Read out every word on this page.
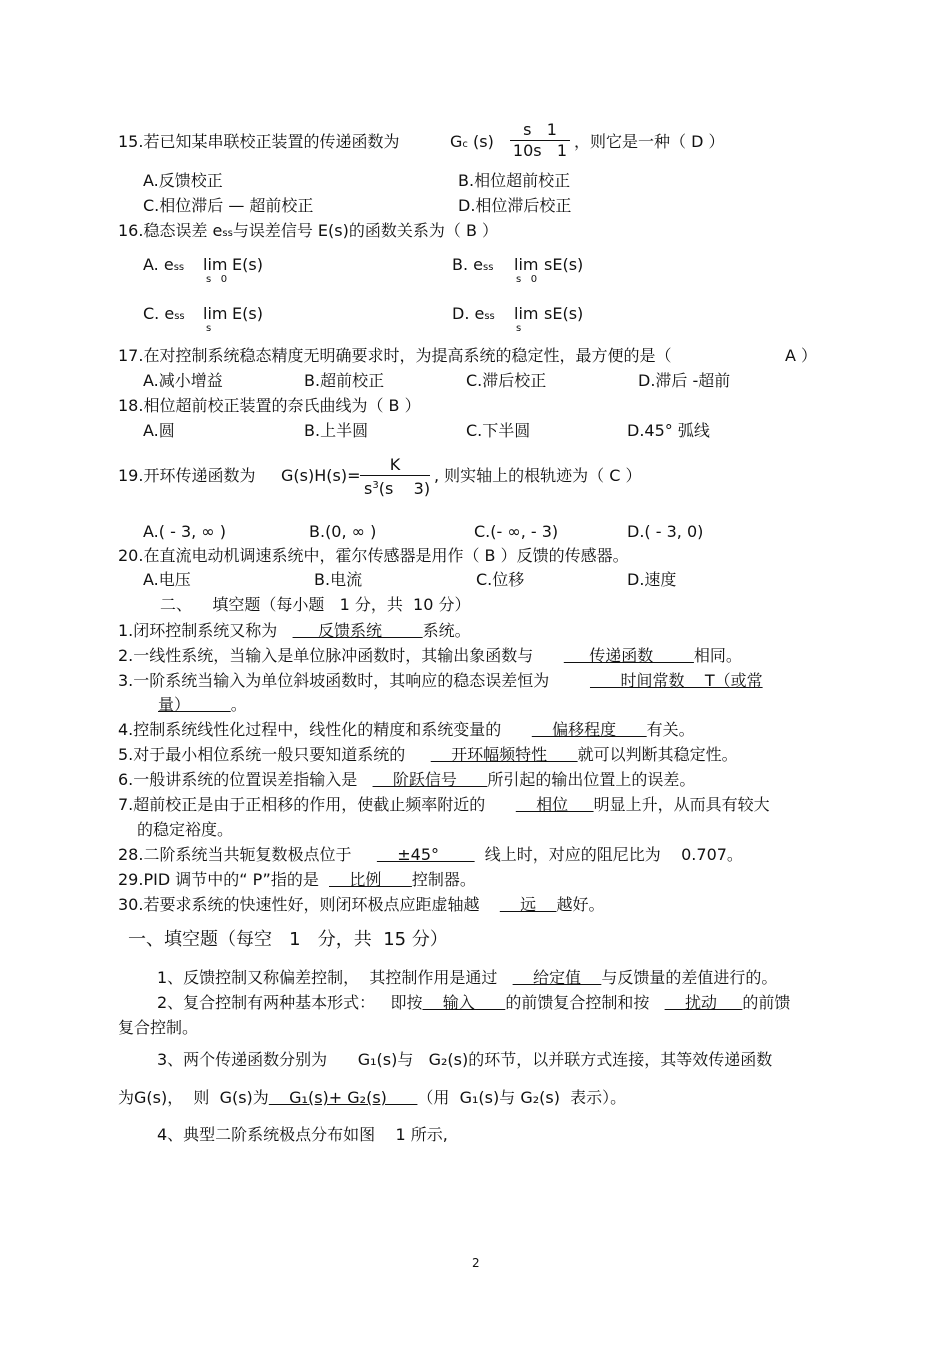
15.若已知某串联校正装置的传递函数为	Gc (s)
s   1
10s   1 ，则它是一种（ D ）
A.反馈校正	B.相位超前校正
C.相位滞后 — 超前校正	D.相位滞后校正
16.稳态误差 ess与误差信号 E(s)的函数关系为（ B ）
A. ess lim
s   0
E(s)	B. ess lim
s   0
sE(s)
C. ess lim
s
E(s)	D. ess lim
s
sE(s)
17.在对控制系统稳态精度无明确要求时，为提高系统的稳定性，最方便的是（	A ）
A.减小增益	B.超前校正	C.滞后校正	D.滞后 -超前
18.相位超前校正装置的奈氏曲线为（ B ）
A.圆	B.上半圆	C.下半圆	D.45° 弧线
19.开环传递函数为 G(s)H(s)=
K
$s^3(s$    3)
, 则实轴上的根轨迹为（ C ）
A.( - 3, ∞ )	B.(0, ∞ )	C.(- ∞, - 3)	D.( - 3, 0)
20.在直流电动机调速系统中，霍尔传感器是用作（ B ）反馈的传感器。
A.电压	B.电流	C.位移	D.速度
二、    填空题（每小题   1 分，共  10 分）
1.闭环控制系统又称为        反馈系统        系统。
2.一线性系统，当输入是单位脉冲函数时，其输出象函数与           传递函数        相同。
3.一阶系统当输入为单位斜坡函数时，其响应的稳态误差恒为	时间常数    T（或常
量）        。
4.控制系统线性化过程中，线性化的精度和系统变量的          偏移程度      有关。
5.对于最小相位系统一般只要知道系统的         开环幅频特性      就可以判断其稳定性。
6.一般讲系统的位置误差指输入是       阶跃信号      所引起的输出位置上的误差。
7.超前校正是由于正相移的作用，使截止频率附近的          相位     明显上升，从而具有较大
的稳定裕度。
28.二阶系统当共轭复数极点位于         ±45°         线上时，对应的阻尼比为    0.707。
29.PID 调节中的“ P”指的是      比例      控制器。
30.若要求系统的快速性好，则闭环极点应距虚轴越        远    越好。
一、填空题（每空   1   分，共  15 分）
1、反馈控制又称偏差控制，  其控制作用是通过       给定值    与反馈量的差值进行的。
2、复合控制有两种基本形式：   即按    输入      的前馈复合控制和按       扰动     的前馈
复合控制。
3、两个传递函数分别为      G₁(s)与   G₂(s)的环节，以并联方式连接，其等效传递函数
为G(s)，  则  G(s)为    G₁(s)+ G₂(s)      （用  G₁(s)与 G₂(s)  表示）。
4、典型二阶系统极点分布如图    1 所示,
2
